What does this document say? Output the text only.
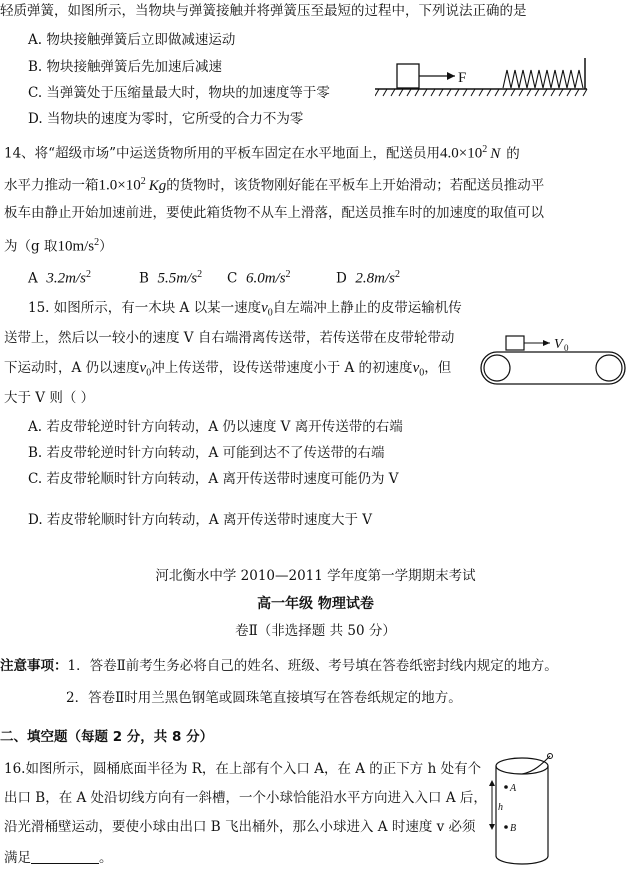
轻质弹簧，如图所示，当物块与弹簧接触并将弹簧压至最短的过程中，下列说法正确的是
A. 物块接触弹簧后立即做减速运动
B. 物块接触弹簧后先加速后减速
C. 当弹簧处于压缩量最大时，物块的加速度等于零
D. 当物块的速度为零时，它所受的合力不为零
F
14、将“超级市场”中运送货物所用的平板车固定在水平地面上，配送员用$4.0\times 10^2$ N 的
水平力推动一箱$1.0\times 10^2$ Kg的货物时，该货物刚好能在平板车上开始滑动；若配送员推动平
板车由静止开始加速前进，要使此箱货物不从车上滑落，配送员推车时的加速度的取值可以
为（g 取$10m/s^2$）
A $3.2m/s^2$	B $5.5m/s^2$ C $6.0m/s^2$	D $2.8m/s^2$
15. 如图所示，有一木块 A 以某一速度$v_0$自左端冲上静止的皮带运输机传
送带上，然后以一较小的速度 V 自右端滑离传送带，若传送带在皮带轮带动
下运动时，A 仍以速度$v_0$冲上传送带，设传送带速度小于 A 的初速度$v_0$，但
大于 V 则（ ）
A. 若皮带轮逆时针方向转动，A 仍以速度 V 离开传送带的右端
B. 若皮带轮逆时针方向转动，A 可能到达不了传送带的右端
C. 若皮带轮顺时针方向转动，A 离开传送带时速度可能仍为 V
D. 若皮带轮顺时针方向转动，A 离开传送带时速度大于 V
V 0
河北衡水中学 2010—2011 学年度第一学期期末考试
高一年级 物理试卷
卷Ⅱ（非选择题 共 50 分）
注意事项：1．答卷Ⅱ前考生务必将自己的姓名、班级、考号填在答卷纸密封线内规定的地方。
2．答卷Ⅱ时用兰黑色钢笔或圆珠笔直接填写在答卷纸规定的地方。
二、填空题（每题 2 分，共 8 分）
16.如图所示，圆桶底面半径为 R，在上部有个入口 A，在 A 的正下方 h 处有个
出口 B，在 A 处沿切线方向有一斜槽，一个小球恰能沿水平方向进入入口 A 后，
沿光滑桶壁运动，要使小球由出口 B 飞出桶外，那么小球进入 A 时速度 v 必须
满足	。
h
A
B
